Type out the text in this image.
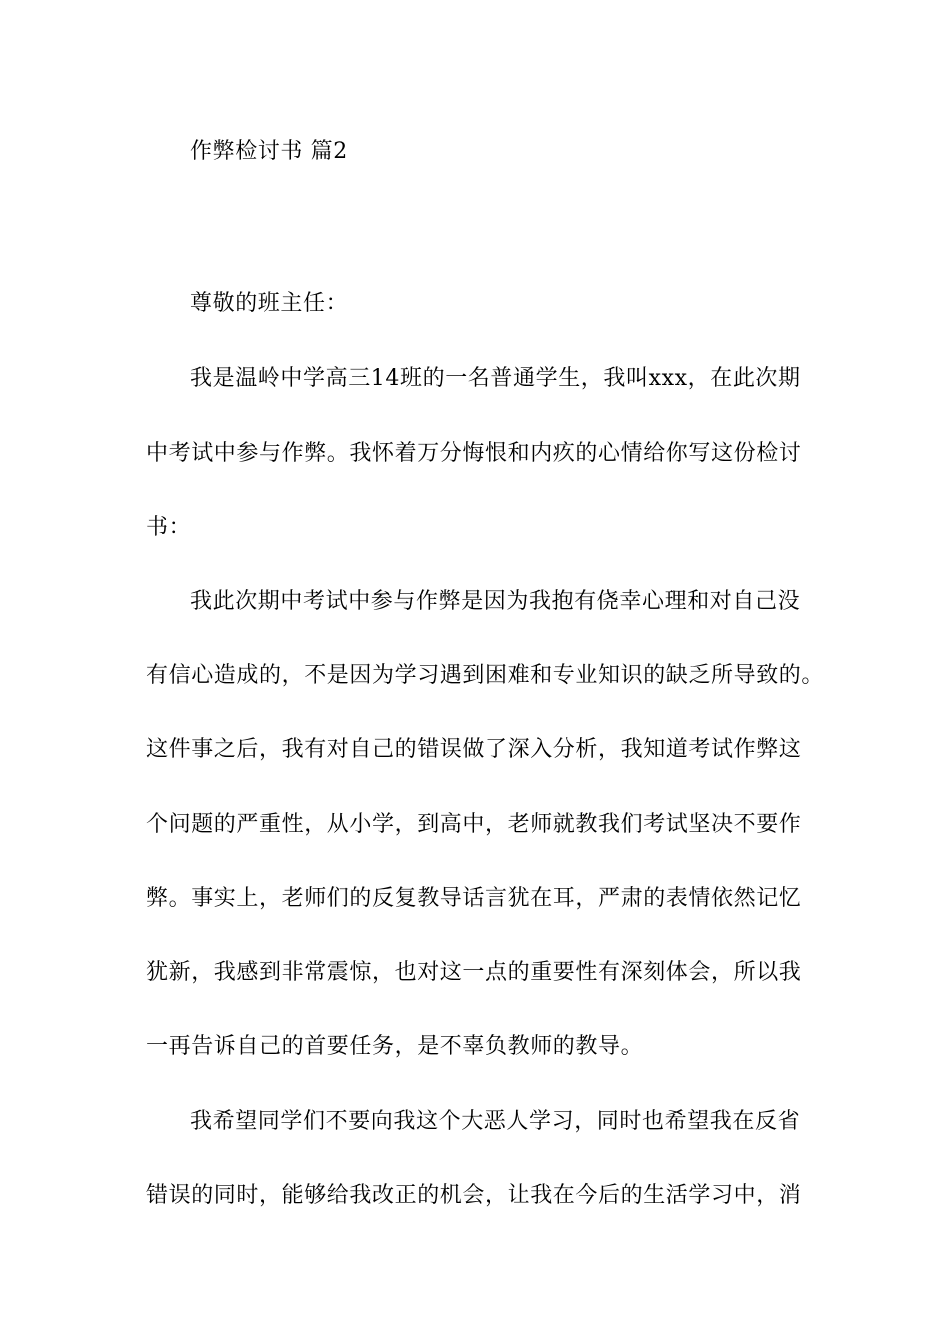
作弊检讨书 篇2
尊敬的班主任：
我是温岭中学高三14班的一名普通学生，我叫xxx，在此次期
中考试中参与作弊。我怀着万分悔恨和内疚的心情给你写这份检讨
书：
我此次期中考试中参与作弊是因为我抱有侥幸心理和对自己没
有信心造成的，不是因为学习遇到困难和专业知识的缺乏所导致的。
这件事之后，我有对自己的错误做了深入分析，我知道考试作弊这
个问题的严重性，从小学，到高中，老师就教我们考试坚决不要作
弊。事实上，老师们的反复教导话言犹在耳，严肃的表情依然记忆
犹新，我感到非常震惊，也对这一点的重要性有深刻体会，所以我
一再告诉自己的首要任务，是不辜负教师的教导。
我希望同学们不要向我这个大恶人学习，同时也希望我在反省
错误的同时，能够给我改正的机会，让我在今后的生活学习中，消
